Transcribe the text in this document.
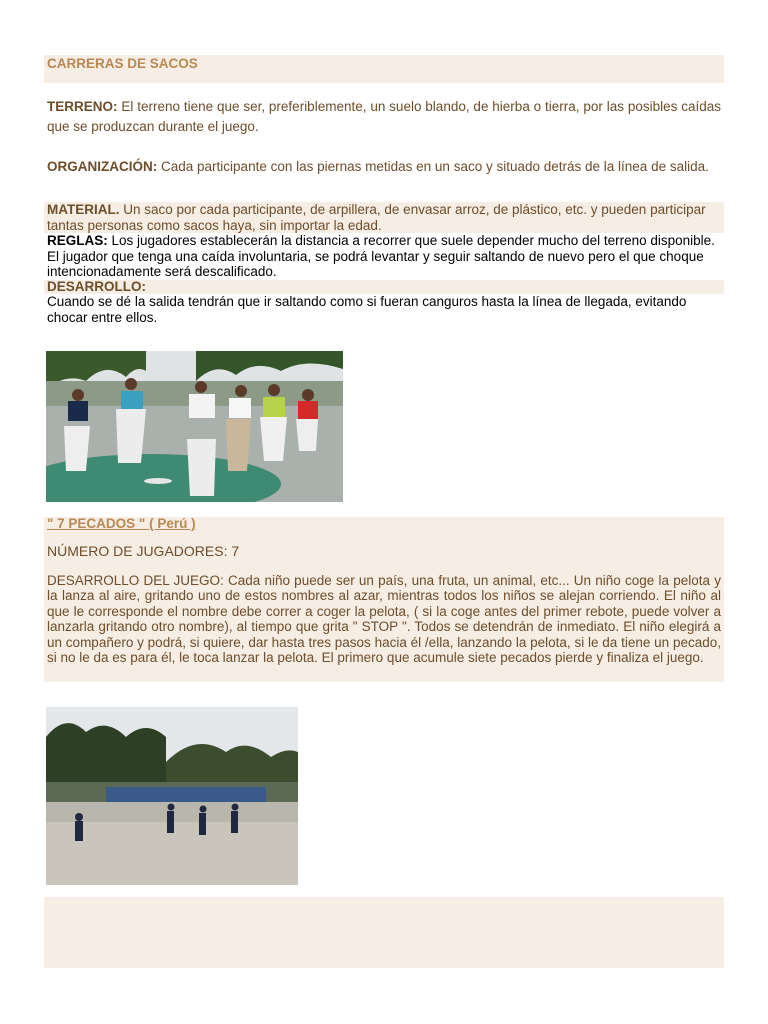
CARRERAS DE SACOS

TERRENO: El terreno tiene que ser, preferiblemente, un suelo blando, de hierba o tierra, por las posibles caídas que se produzcan durante el juego.

ORGANIZACIÓN: Cada participante con las piernas metidas en un saco y situado detrás de la línea de salida.

MATERIAL. Un saco por cada participante, de arpillera, de envasar arroz, de plástico, etc. y pueden participar tantas personas como sacos haya, sin importar la edad.

REGLAS: Los jugadores establecerán la distancia a recorrer que suele depender mucho del terreno disponible. El jugador que tenga una caída involuntaria, se podrá levantar y seguir saltando de nuevo pero el que choque intencionadamente será descalificado.

DESARROLLO:

Cuando se dé la salida tendrán que ir saltando como si fueran canguros hasta la línea de llegada, evitando chocar entre ellos.

" 7 PECADOS " ( Perú )

NÚMERO DE JUGADORES: 7

DESARROLLO DEL JUEGO: Cada niño puede ser un país, una fruta, un animal, etc... Un niño coge la pelota y la lanza al aire, gritando uno de estos nombres al azar, mientras todos los niños se alejan corriendo. El niño al que le corresponde el nombre debe correr a coger la pelota, ( si la coge antes del primer rebote, puede volver a lanzarla gritando otro nombre), al tiempo que grita " STOP ". Todos se detendrán de inmediato. El niño elegirá a un compañero y podrá, si quiere, dar hasta tres pasos hacia él /ella, lanzando la pelota, si le da tiene un pecado, si no le da es para él, le toca lanzar la pelota. El primero que acumule siete pecados pierde y finaliza el juego.
